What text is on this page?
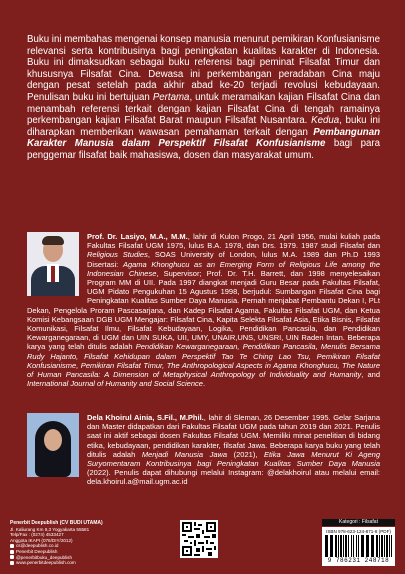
Buku ini membahas mengenai konsep manusia menurut pemikiran Konfusianisme relevansi serta kontribusinya bagi peningkatan kualitas karakter di Indonesia. Buku ini dimaksudkan sebagai buku referensi bagi peminat Filsafat Timur dan khususnya Filsafat Cina. Dewasa ini perkembangan peradaban Cina maju dengan pesat setelah pada akhir abad ke-20 terjadi revolusi kebudayaan. Penulisan buku ini bertujuan Pertama, untuk meramaikan kajian Filsafat Cina dan menambah referensi terkait dengan kajian Filsafat Cina di tengah ramainya perkembangan kajian Filsafat Barat maupun Filsafat Nusantara. Kedua, buku ini diharapkan memberikan wawasan pemahaman terkait dengan Pembangunan Karakter Manusia dalam Perspektif Filsafat Konfusianisme bagi para penggemar filsafat baik mahasiswa, dosen dan masyarakat umum.

Prof. Dr. Lasiyo, M.A., M.M., lahir di Kulon Progo, 21 April 1956, mulai kuliah pada Fakultas Filsafat UGM 1975, lulus B.A. 1978, dan Drs. 1979. 1987 studi Filsafat dan Religious Studies, SOAS University of London, lulus M.A. 1989 dan Ph.D 1993 Disertasi: Agama Khonghucu as an Emerging Form of Religious Life among the Indonesian Chinese, Supervisor; Prof. Dr. T.H. Barrett, dan 1998 menyelesaikan Program MM di UII. Pada 1997 diangkat menjadi Guru Besar pada Fakultas Filsafat, UGM Pidato Pengukuhan 15 Agustus 1998, berjudul: Sumbangan Filsafat Cina bagi Peningkatan Kualitas Sumber Daya Manusia. Pernah menjabat Pembantu Dekan I, PLt Dekan, Pengelola Proram Pascasarjana, dan Kadep Filsafat Agama, Fakultas Filsafat UGM, dan Ketua Komisi Kebangsaan DGB UGM Mengajar: Filsafat Cina, Kapita Selekta Filsafat Asia, Etika Bisnis, Filsafat Komunikasi, Filsafat Ilmu, Filsafat Kebudayaan, Logika, Pendidikan Pancasila, dan Pendidikan Kewarganegaraan, di UGM dan UIN SUKA, UII, UMY, UNAIR,UNS, UNSRI, UIN Raden Intan. Beberapa karya yang telah ditulis adalah Pendidikan Kewarganegaraan, Pendidikan Pancasila, Menulis Bersama Rudy Hajanto, Filsafat Kehidupan dalam Perspektif Tao Te Ching Lao Tsu, Pemikiran Filsafat Konfusianisme, Pemikiran Filsafat Timur, The Anthropological Aspects in Agama Khonghucu, The Nature of Human Pancasila: A Dimension of Metaphysical Anthropology of Individuality and Humanity, and International Journal of Humanity and Social Science.

Dela Khoirul Ainia, S.Fil., M.Phil., lahir di Sleman, 26 Desember 1995. Gelar Sarjana dan Master didapatkan dari Fakultas Filsafat UGM pada tahun 2019 dan 2021. Penulis saat ini aktif sebagai dosen Fakultas Filsafat UGM. Memiliki minat penelitian di bidang etika, kebudayaan, pendidikan karakter, filsafat Jawa. Beberapa karya buku yang telah ditulis adalah Menjadi Manusia Jawa (2021), Etika Jawa Menurut Ki Ageng Suryomentaram Kontribusinya bagi Peningkatan Kualitas Sumber Daya Manusia (2022). Penulis dapat dihubungi melalui Instagram: @delakhoirul atau melalui email: dela.khoirul.a@mail.ugm.ac.id

Penerbit Deepublish (CV BUDI UTAMA)
Jl. Kaliurang Km 9,3 Yogyakarta 55581
Telp/Fax : (0274) 4533427
Anggota IKAPI (076/DIY/2012)
cs@deepublish.co.id
Penerbit Deepublish
@penerbitbuku_deepublish
www.penerbitdeepublish.com
Kategori : Filsafat
ISBN 978-623-124-871-8 (PDF)
9 786231 248718
